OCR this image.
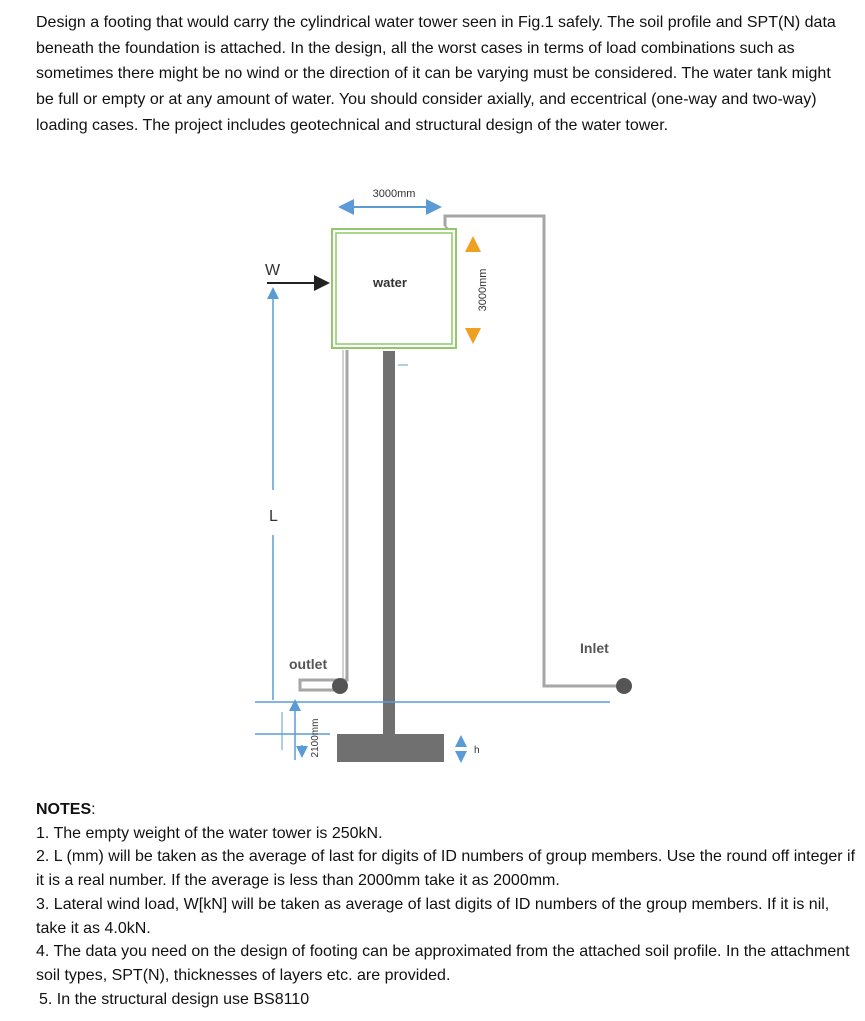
Design a footing that would carry the cylindrical water tower seen in Fig.1 safely. The soil profile and SPT(N) data beneath the foundation is attached. In the design, all the worst cases in terms of load combinations such as sometimes there might be no wind or the direction of it can be varying must be considered. The water tank might be full or empty or at any amount of water. You should consider axially, and eccentrical (one-way and two-way) loading cases. The project includes geotechnical and structural design of the water tower.

3000mm
Inlet
water	3000mm
W
L
outlet
2100mm	h

NOTES:

1. The empty weight of the water tower is 250kN.

2. L (mm) will be taken as the average of last for digits of ID numbers of group members. Use the round off integer if it is a real number. If the average is less than 2000mm take it as 2000mm.

3. Lateral wind load, W[kN] will be taken as average of last digits of ID numbers of the group members. If it is nil, take it as 4.0kN.

4. The data you need on the design of footing can be approximated from the attached soil profile. In the attachment soil types, SPT(N), thicknesses of layers etc. are provided.

5. In the structural design use BS8110
